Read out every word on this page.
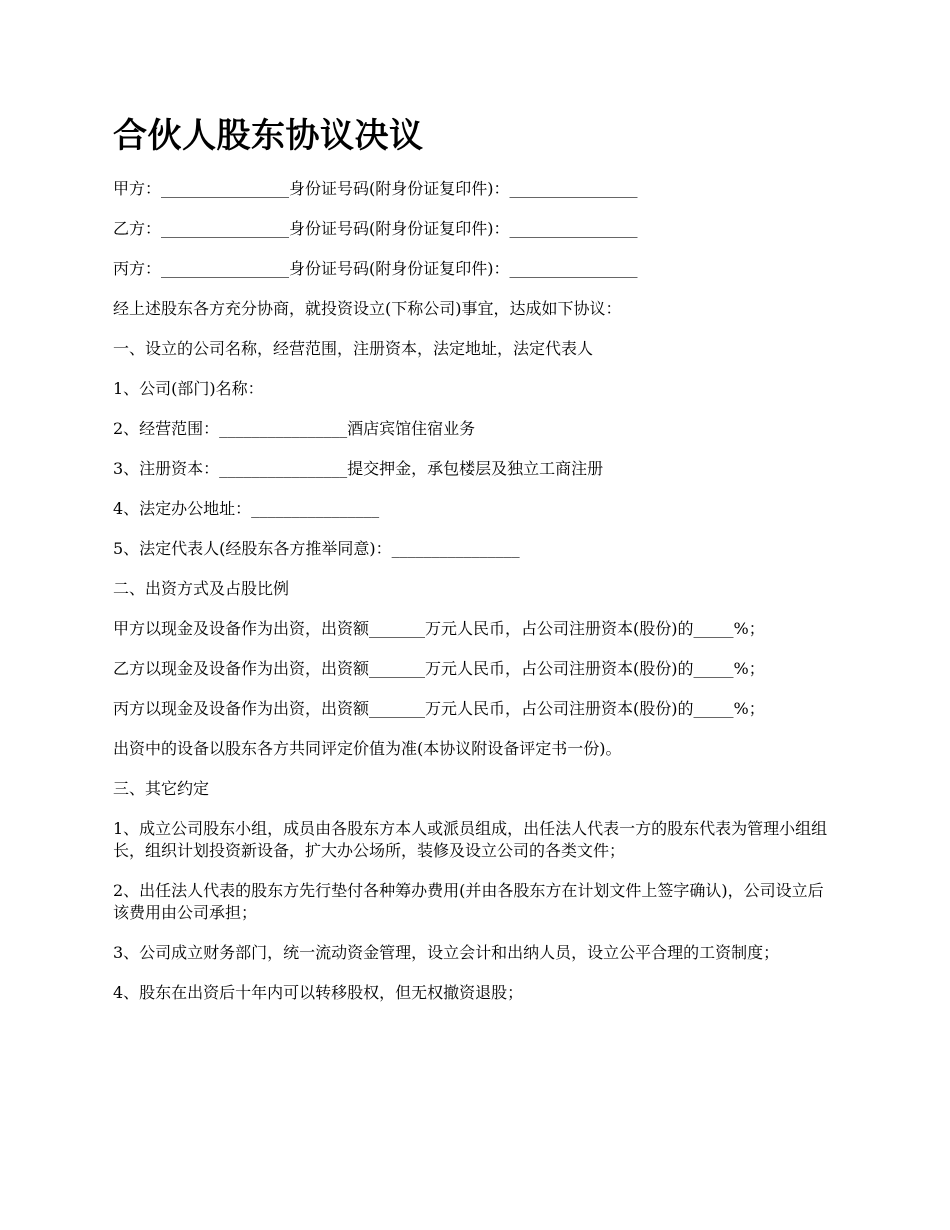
合伙人股东协议决议

甲方：________________身份证号码(附身份证复印件)：________________

乙方：________________身份证号码(附身份证复印件)：________________

丙方：________________身份证号码(附身份证复印件)：________________

经上述股东各方充分协商，就投资设立(下称公司)事宜，达成如下协议：

一、设立的公司名称，经营范围，注册资本，法定地址，法定代表人

1、公司(部门)名称：

2、经营范围：________________酒店宾馆住宿业务

3、注册资本：________________提交押金，承包楼层及独立工商注册

4、法定办公地址：________________

5、法定代表人(经股东各方推举同意)：________________

二、出资方式及占股比例

甲方以现金及设备作为出资，出资额_______万元人民币，占公司注册资本(股份)的_____%；

乙方以现金及设备作为出资，出资额_______万元人民币，占公司注册资本(股份)的_____%；

丙方以现金及设备作为出资，出资额_______万元人民币，占公司注册资本(股份)的_____%；

出资中的设备以股东各方共同评定价值为准(本协议附设备评定书一份)。

三、其它约定

1、成立公司股东小组，成员由各股东方本人或派员组成，出任法人代表一方的股东代表为管理小组组长，组织计划投资新设备，扩大办公场所，装修及设立公司的各类文件；

2、出任法人代表的股东方先行垫付各种筹办费用(并由各股东方在计划文件上签字确认)，公司设立后该费用由公司承担；

3、公司成立财务部门，统一流动资金管理，设立会计和出纳人员，设立公平合理的工资制度；

4、股东在出资后十年内可以转移股权，但无权撤资退股；
